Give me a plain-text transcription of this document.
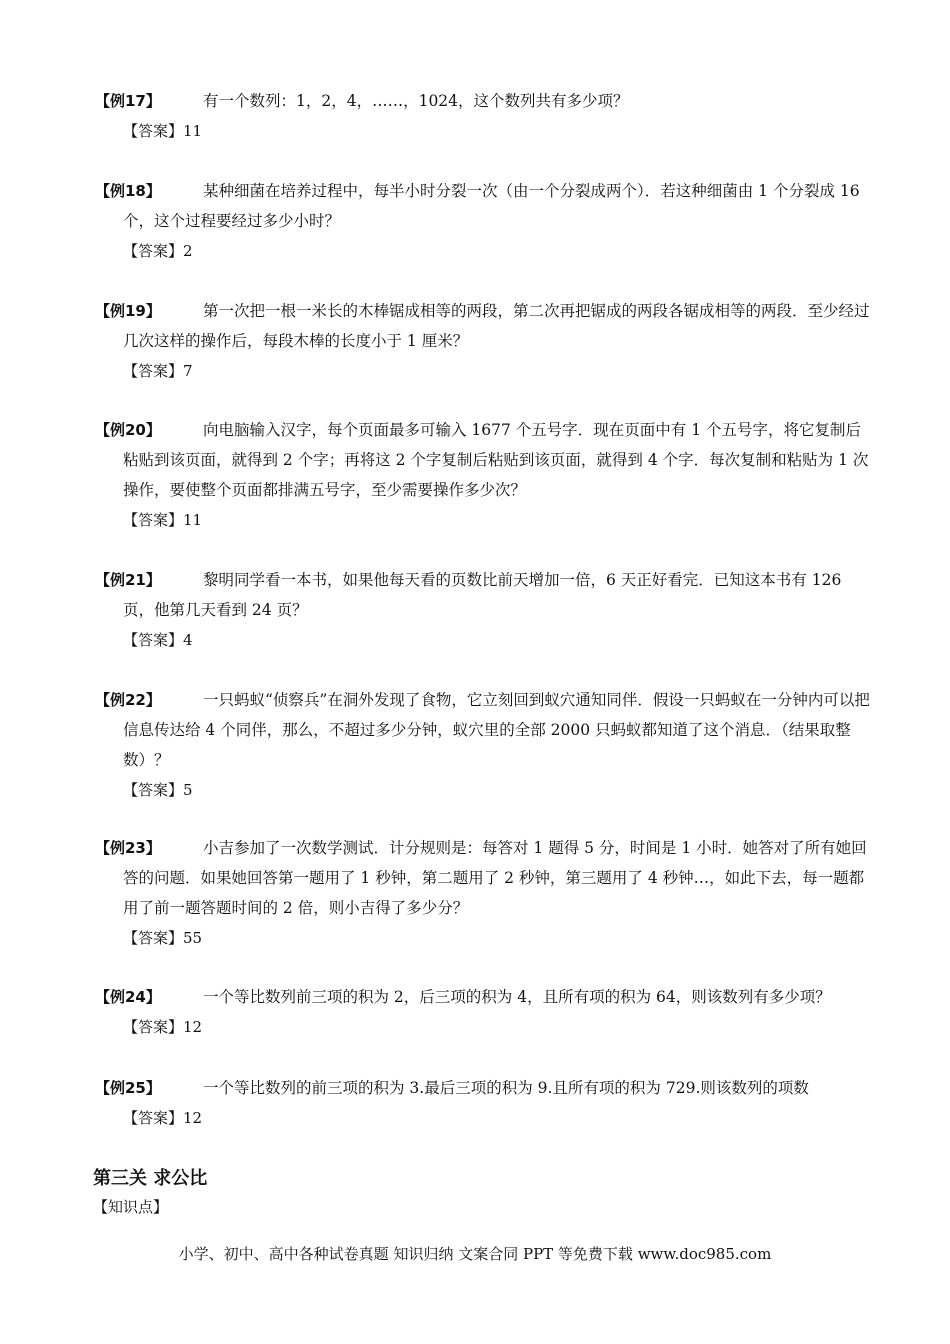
【例17】	有一个数列：1，2，4，……，1024，这个数列共有多少项？

【答案】11

【例18】	某种细菌在培养过程中，每半小时分裂一次（由一个分裂成两个）．若这种细菌由 1 个分裂成 16 个，这个过程要经过多少小时？

【答案】2

【例19】	第一次把一根一米长的木棒锯成相等的两段，第二次再把锯成的两段各锯成相等的两段．至少经过几次这样的操作后，每段木棒的长度小于 1 厘米？

【答案】7

【例20】	向电脑输入汉字，每个页面最多可输入 1677 个五号字．现在页面中有 1 个五号字，将它复制后粘贴到该页面，就得到 2 个字；再将这 2 个字复制后粘贴到该页面，就得到 4 个字．每次复制和粘贴为 1 次操作，要使整个页面都排满五号字，至少需要操作多少次？

【答案】11

【例21】	黎明同学看一本书，如果他每天看的页数比前天增加一倍，6 天正好看完．已知这本书有 126 页，他第几天看到 24 页？

【答案】4

【例22】	一只蚂蚁“侦察兵”在洞外发现了食物，它立刻回到蚁穴通知同伴．假设一只蚂蚁在一分钟内可以把信息传达给 4 个同伴，那么，不超过多少分钟，蚁穴里的全部 2000 只蚂蚁都知道了这个消息．（结果取整数）？

【答案】5

【例23】	小吉参加了一次数学测试．计分规则是：每答对 1 题得 5 分，时间是 1 小时．她答对了所有她回答的问题．如果她回答第一题用了 1 秒钟，第二题用了 2 秒钟，第三题用了 4 秒钟…，如此下去，每一题都用了前一题答题时间的 2 倍，则小吉得了多少分？

【答案】55

【例24】	一个等比数列前三项的积为 2，后三项的积为 4，且所有项的积为 64，则该数列有多少项？

【答案】12

【例25】	一个等比数列的前三项的积为 3.最后三项的积为 9.且所有项的积为 729.则该数列的项数

【答案】12

第三关 求公比
【知识点】
小学、初中、高中各种试卷真题 知识归纳 文案合同 PPT 等免费下载 www.doc985.com
